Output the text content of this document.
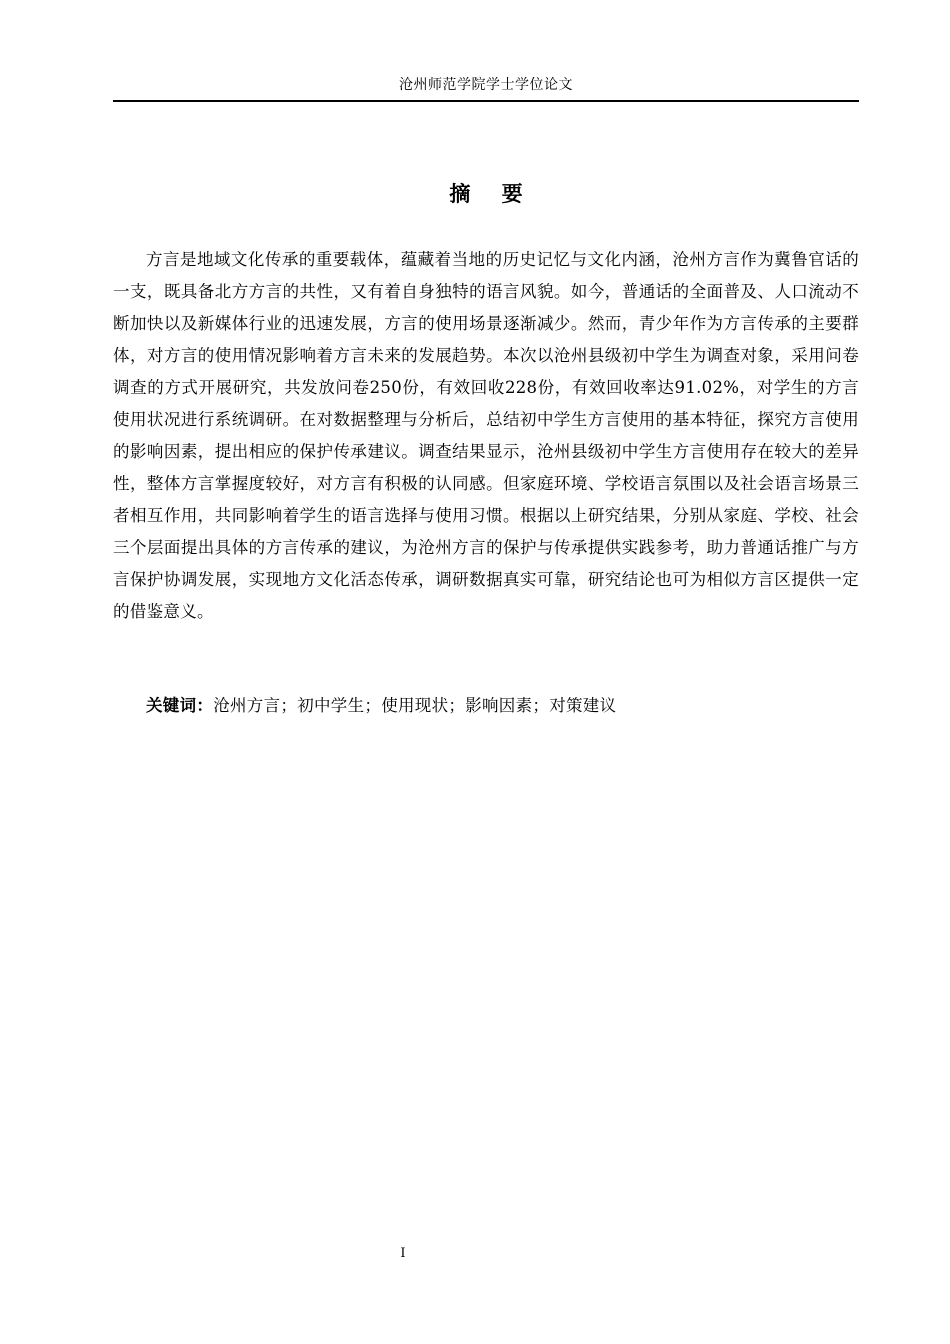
沧州师范学院学士学位论文
摘 要

方言是地域文化传承的重要载体，蕴藏着当地的历史记忆与文化内涵，沧州方言作为冀鲁官话的一支，既具备北方方言的共性，又有着自身独特的语言风貌。如今，普通话的全面普及、人口流动不断加快以及新媒体行业的迅速发展，方言的使用场景逐渐减少。然而，青少年作为方言传承的主要群体，对方言的使用情况影响着方言未来的发展趋势。本次以沧州县级初中学生为调查对象，采用问卷调查的方式开展研究，共发放问卷250份，有效回收228份，有效回收率达91.02%，对学生的方言使用状况进行系统调研。在对数据整理与分析后，总结初中学生方言使用的基本特征，探究方言使用的影响因素，提出相应的保护传承建议。调查结果显示，沧州县级初中学生方言使用存在较大的差异性，整体方言掌握度较好，对方言有积极的认同感。但家庭环境、学校语言氛围以及社会语言场景三者相互作用，共同影响着学生的语言选择与使用习惯。根据以上研究结果，分别从家庭、学校、社会三个层面提出具体的方言传承的建议，为沧州方言的保护与传承提供实践参考，助力普通话推广与方言保护协调发展，实现地方文化活态传承，调研数据真实可靠，研究结论也可为相似方言区提供一定的借鉴意义。

关键词：沧州方言；初中学生；使用现状；影响因素；对策建议
I
